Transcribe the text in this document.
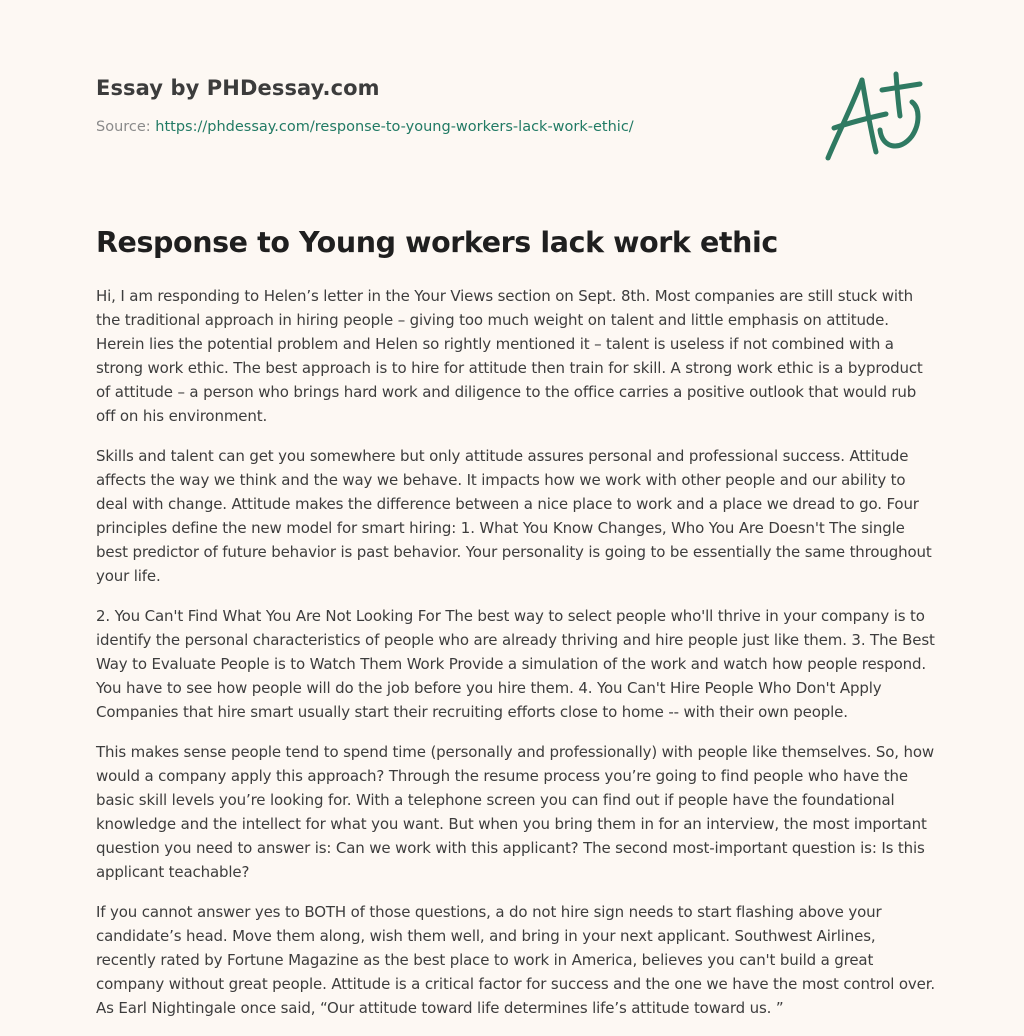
Essay by PHDessay.com
Source: https://phdessay.com/response-to-young-workers-lack-work-ethic/
Response to Young workers lack work ethic

Hi, I am responding to Helen’s letter in the Your Views section on Sept. 8th. Most companies are still stuck with the traditional approach in hiring people – giving too much weight on talent and little emphasis on attitude. Herein lies the potential problem and Helen so rightly mentioned it – talent is useless if not combined with a strong work ethic. The best approach is to hire for attitude then train for skill. A strong work ethic is a byproduct of attitude – a person who brings hard work and diligence to the office carries a positive outlook that would rub off on his environment.

Skills and talent can get you somewhere but only attitude assures personal and professional success. Attitude affects the way we think and the way we behave. It impacts how we work with other people and our ability to deal with change. Attitude makes the difference between a nice place to work and a place we dread to go. Four principles define the new model for smart hiring: 1. What You Know Changes, Who You Are Doesn't The single best predictor of future behavior is past behavior. Your personality is going to be essentially the same throughout your life.

2. You Can't Find What You Are Not Looking For The best way to select people who'll thrive in your company is to identify the personal characteristics of people who are already thriving and hire people just like them. 3. The Best Way to Evaluate People is to Watch Them Work Provide a simulation of the work and watch how people respond. You have to see how people will do the job before you hire them. 4. You Can't Hire People Who Don't Apply Companies that hire smart usually start their recruiting efforts close to home -- with their own people.

This makes sense people tend to spend time (personally and professionally) with people like themselves. So, how would a company apply this approach? Through the resume process you’re going to find people who have the basic skill levels you’re looking for. With a telephone screen you can find out if people have the foundational knowledge and the intellect for what you want. But when you bring them in for an interview, the most important question you need to answer is: Can we work with this applicant? The second most-important question is: Is this applicant teachable?

If you cannot answer yes to BOTH of those questions, a do not hire sign needs to start flashing above your candidate’s head. Move them along, wish them well, and bring in your next applicant. Southwest Airlines, recently rated by Fortune Magazine as the best place to work in America, believes you can't build a great company without great people. Attitude is a critical factor for success and the one we have the most control over. As Earl Nightingale once said, “Our attitude toward life determines life’s attitude toward us. ”
